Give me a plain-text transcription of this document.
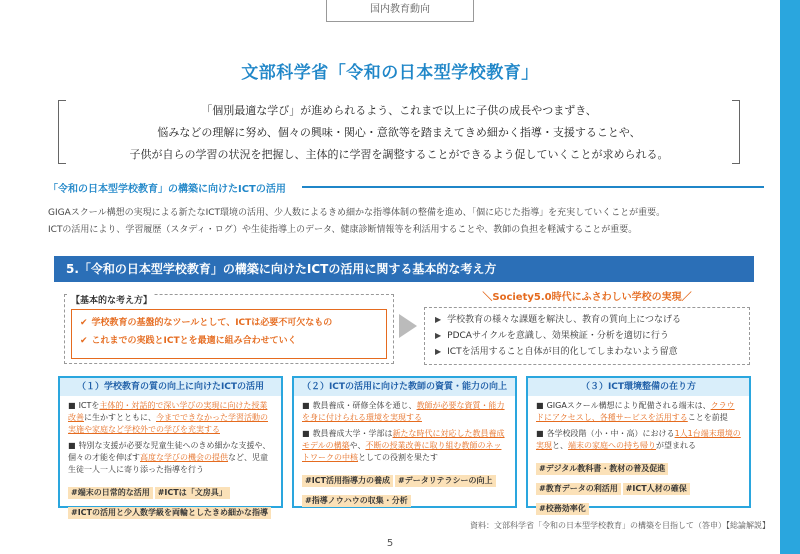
国内教育動向
文部科学省「令和の日本型学校教育」

「個別最適な学び」が進められるよう、これまで以上に子供の成長やつまずき、

悩みなどの理解に努め、個々の興味・関心・意欲等を踏まえてきめ細かく指導・支援することや、

子供が自らの学習の状況を把握し、主体的に学習を調整することができるよう促していくことが求められる。

「令和の日本型学校教育」の構築に向けたICTの活用
GIGAスクール構想の実現による新たなICT環境の活用、少人数によるきめ細かな指導体制の整備を進め、「個に応じた指導」を充実していくことが重要。
ICTの活用により、学習履歴（スタディ・ログ）や生徒指導上のデータ、健康診断情報等を利活用することや、教師の負担を軽減することが重要。
5.「令和の日本型学校教育」の構築に向けたICTの活用に関する基本的な考え方
【基本的な考え方】
✔ 学校教育の基盤的なツールとして、ICTは必要不可欠なもの
✔ これまでの実践とICTとを最適に組み合わせていく
＼Society5.0時代にふさわしい学校の実現／
▶ 学校教育の様々な課題を解決し、教育の質向上につなげる
▶ PDCAサイクルを意識し、効果検証・分析を適切に行う
▶ ICTを活用すること自体が目的化してしまわないよう留意
（１）学校教育の質の向上に向けたICTの活用
■ ICTを主体的・対話的で深い学びの実現に向けた授業改善に生かすとともに、今までできなかった学習活動の実施や家庭など学校外での学びを充実する
■ 特別な支援が必要な児童生徒へのきめ細かな支援や、個々の才能を伸ばす高度な学びの機会の提供など、児童生徒一人一人に寄り添った指導を行う
#端末の日常的な活用 #ICTは「文房具」 #ICTの活用と少人数学級を両輪としたきめ細かな指導
（２）ICTの活用に向けた教師の資質・能力の向上
■ 教員養成・研修全体を通じ、教師が必要な資質・能力を身に付けられる環境を実現する
■ 教員養成大学・学部は新たな時代に対応した教員養成モデルの構築や、不断の授業改善に取り組む教師のネットワークの中核としての役割を果たす
#ICT活用指導力の養成 #データリテラシーの向上 #指導ノウハウの収集・分析
（３）ICT環境整備の在り方
■ GIGAスクール構想により配備される端末は、クラウドにアクセスし、各種サービスを活用することを前提
■ 各学校段階（小・中・高）における1人1台端末環境の実現と、端末の家庭への持ち帰りが望まれる
#デジタル教科書・教材の普及促進 #教育データの利活用 #ICT人材の確保 #校務効率化
資料：文部科学省「令和の日本型学校教育」の構築を目指して（答申）【総論解説】
5
